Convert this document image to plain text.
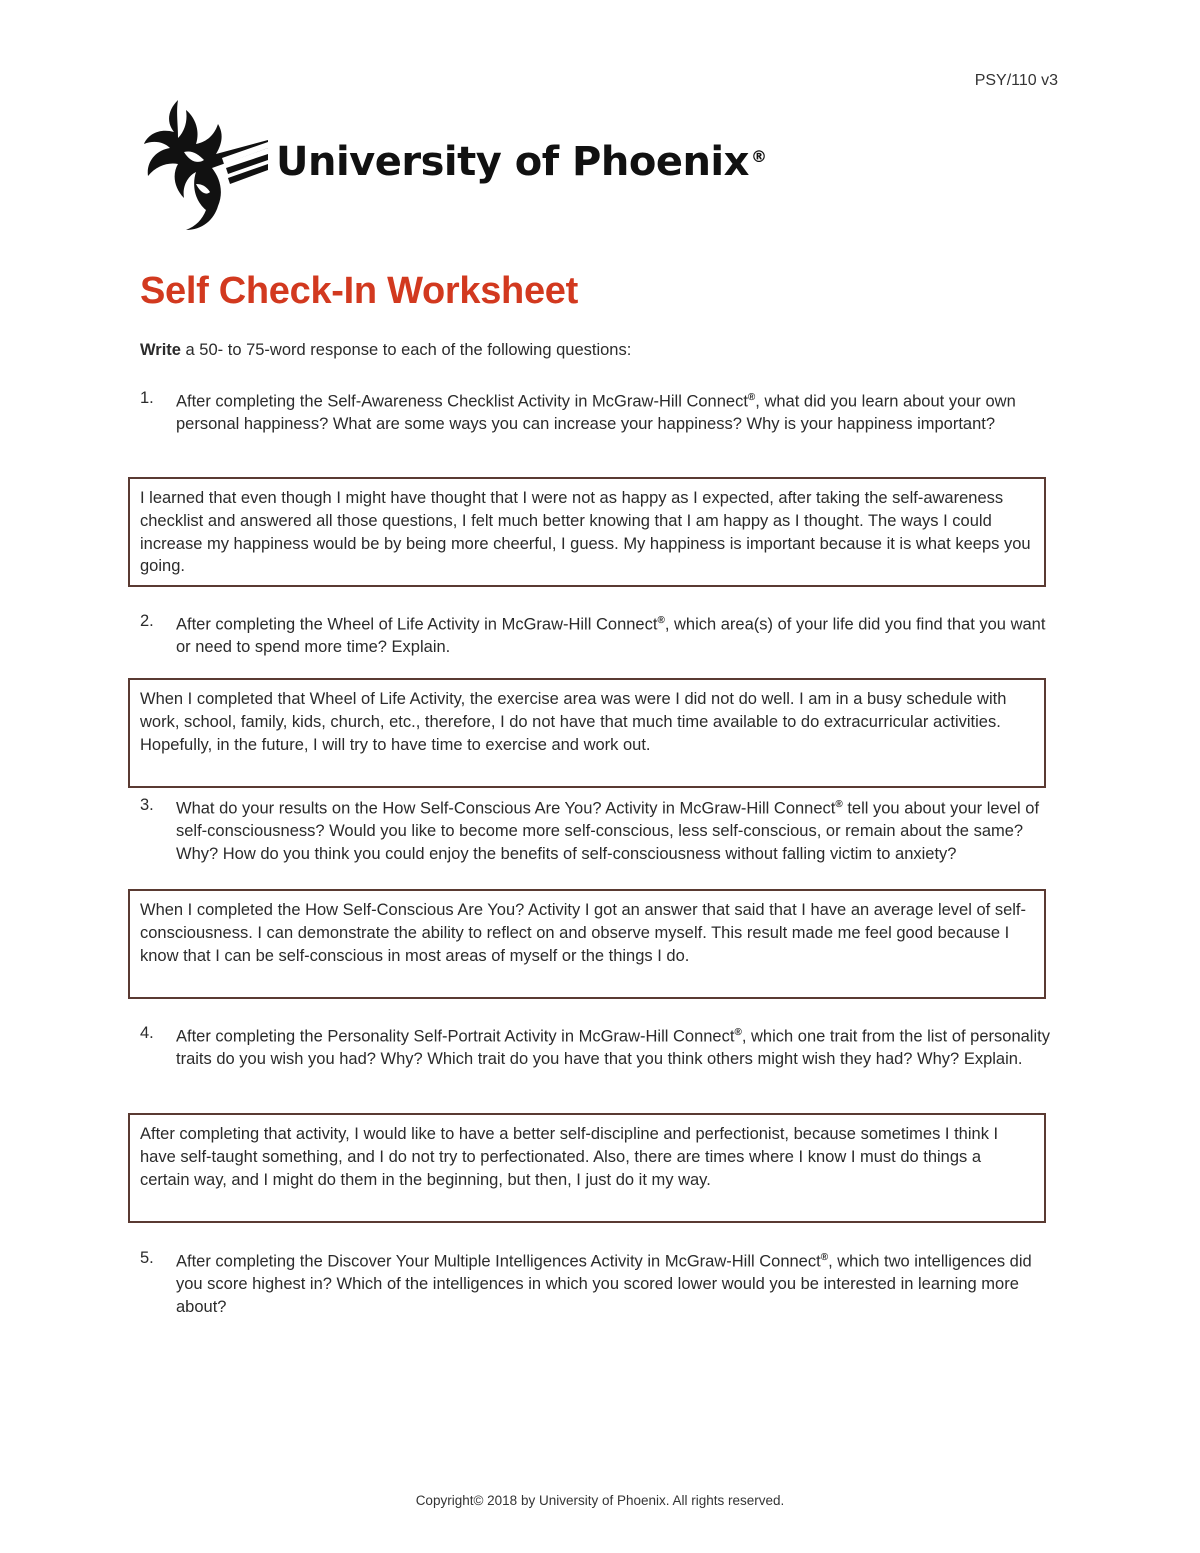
PSY/110 v3
University of Phoenix ®
Self Check-In Worksheet
Write a 50- to 75-word response to each of the following questions:
1.	After completing the Self-Awareness Checklist Activity in McGraw-Hill Connect®, what did you learn about your own personal happiness? What are some ways you can increase your happiness? Why is your happiness important?
I learned that even though I might have thought that I were not as happy as I expected, after taking the self-awareness checklist and answered all those questions, I felt much better knowing that I am happy as I thought. The ways I could increase my happiness would be by being more cheerful, I guess. My happiness is important because it is what keeps you going.
2.	After completing the Wheel of Life Activity in McGraw-Hill Connect®, which area(s) of your life did you find that you want or need to spend more time? Explain.
When I completed that Wheel of Life Activity, the exercise area was were I did not do well. I am in a busy schedule with work, school, family, kids, church, etc., therefore, I do not have that much time available to do extracurricular activities. Hopefully, in the future, I will try to have time to exercise and work out.
3.	What do your results on the How Self-Conscious Are You? Activity in McGraw-Hill Connect® tell you about your level of self-consciousness? Would you like to become more self-conscious, less self-conscious, or remain about the same? Why? How do you think you could enjoy the benefits of self-consciousness without falling victim to anxiety?
When I completed the How Self-Conscious Are You? Activity I got an answer that said that I have an average level of self-consciousness. I can demonstrate the ability to reflect on and observe myself. This result made me feel good because I know that I can be self-conscious in most areas of myself or the things I do.
4.	After completing the Personality Self-Portrait Activity in McGraw-Hill Connect®, which one trait from the list of personality traits do you wish you had? Why? Which trait do you have that you think others might wish they had? Why? Explain.
After completing that activity, I would like to have a better self-discipline and perfectionist, because sometimes I think I have self-taught something, and I do not try to perfectionated. Also, there are times where I know I must do things a certain way, and I might do them in the beginning, but then, I just do it my way.
5.	After completing the Discover Your Multiple Intelligences Activity in McGraw-Hill Connect®, which two intelligences did you score highest in? Which of the intelligences in which you scored lower would you be interested in learning more about?
Copyright© 2018 by University of Phoenix. All rights reserved.
